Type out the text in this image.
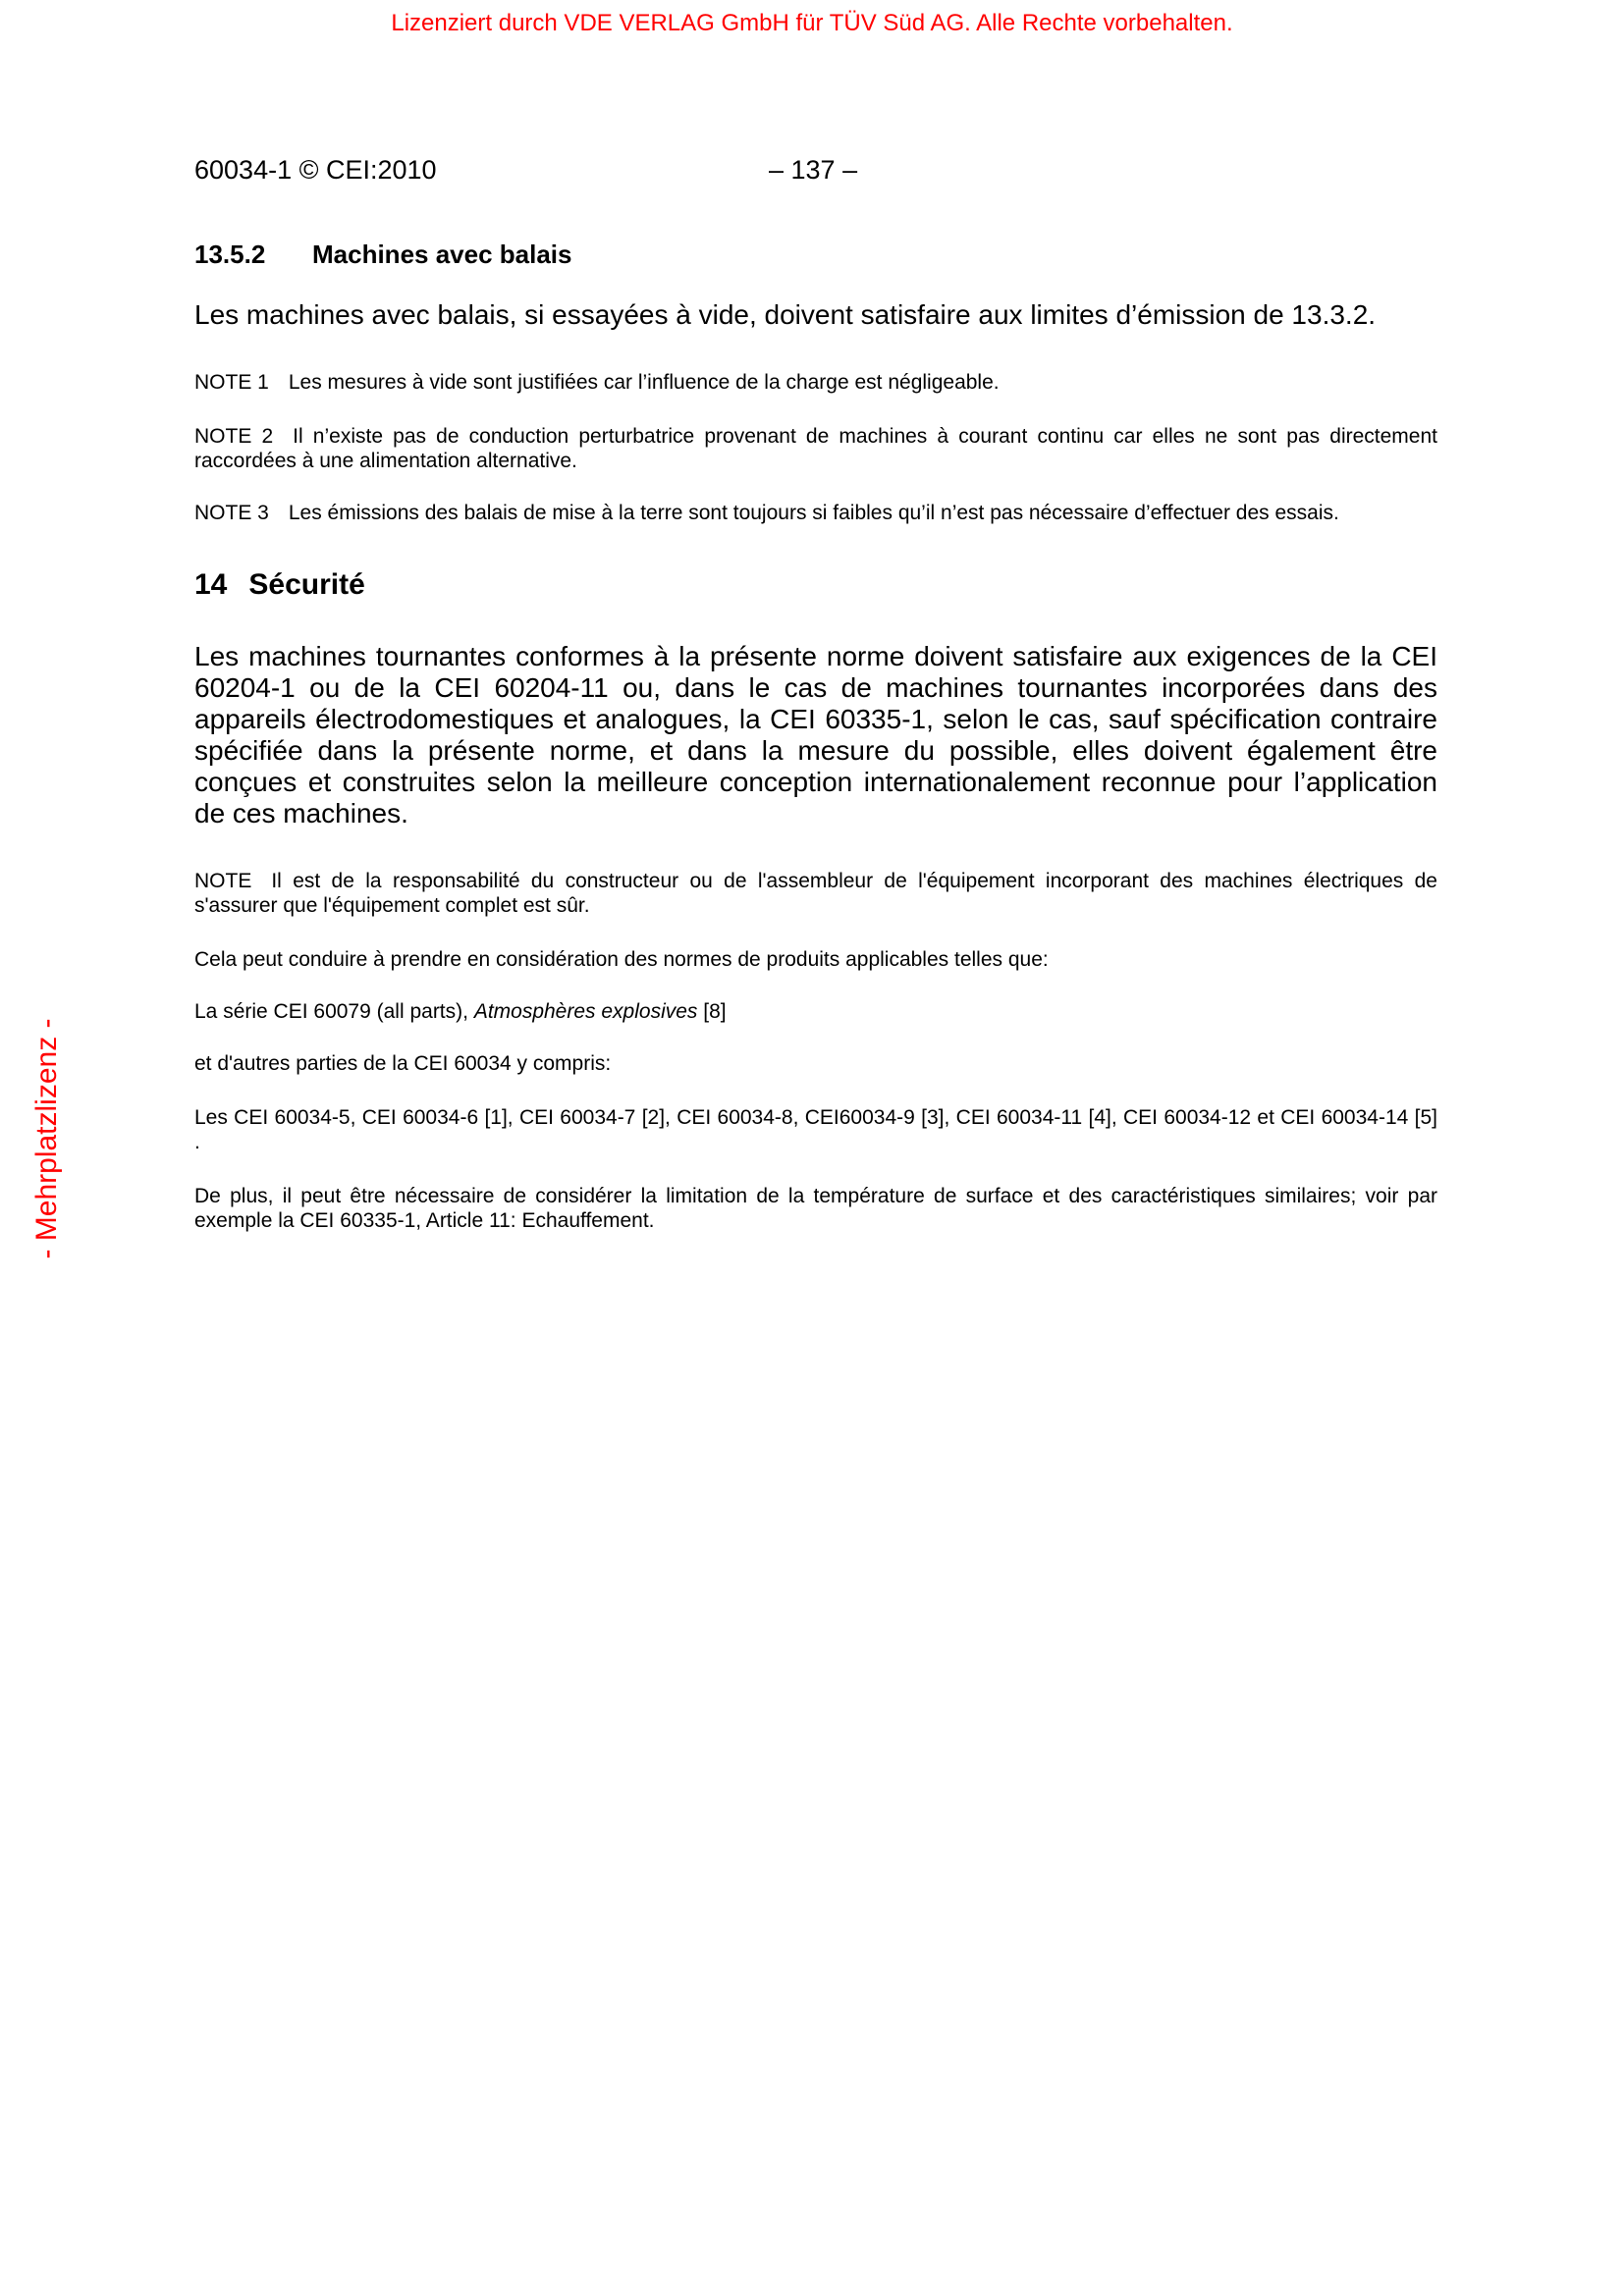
Lizenziert durch VDE VERLAG GmbH für TÜV Süd AG. Alle Rechte vorbehalten.
- Mehrplatzlizenz -
60034-1 © CEI:2010	– 137 –
13.5.2 Machines avec balais

Les machines avec balais, si essayées à vide, doivent satisfaire aux limites d’émission de 13.3.2.

NOTE 1 Les mesures à vide sont justifiées car l’influence de la charge est négligeable.

NOTE 2 Il n’existe pas de conduction perturbatrice provenant de machines à courant continu car elles ne sont pas directement raccordées à une alimentation alternative.

NOTE 3 Les émissions des balais de mise à la terre sont toujours si faibles qu’il n’est pas nécessaire d’effectuer des essais.

14 Sécurité

Les machines tournantes conformes à la présente norme doivent satisfaire aux exigences de la CEI 60204-1 ou de la CEI 60204-11 ou, dans le cas de machines tournantes incorporées dans des appareils électrodomestiques et analogues, la CEI 60335-1, selon le cas, sauf spécification contraire spécifiée dans la présente norme, et dans la mesure du possible, elles doivent également être conçues et construites selon la meilleure conception internationalement reconnue pour l’application de ces machines.

NOTE Il est de la responsabilité du constructeur ou de l'assembleur de l'équipement incorporant des machines électriques de s'assurer que l'équipement complet est sûr.

Cela peut conduire à prendre en considération des normes de produits applicables telles que:

La série CEI 60079 (all parts), Atmosphères explosives [8]

et d'autres parties de la CEI 60034 y compris:

Les CEI 60034-5, CEI 60034-6 [1], CEI 60034-7 [2], CEI 60034-8, CEI60034-9 [3], CEI 60034-11 [4], CEI 60034-12 et CEI 60034-14 [5] .

De plus, il peut être nécessaire de considérer la limitation de la température de surface et des caractéristiques similaires; voir par exemple la CEI 60335-1, Article 11: Echauffement.
